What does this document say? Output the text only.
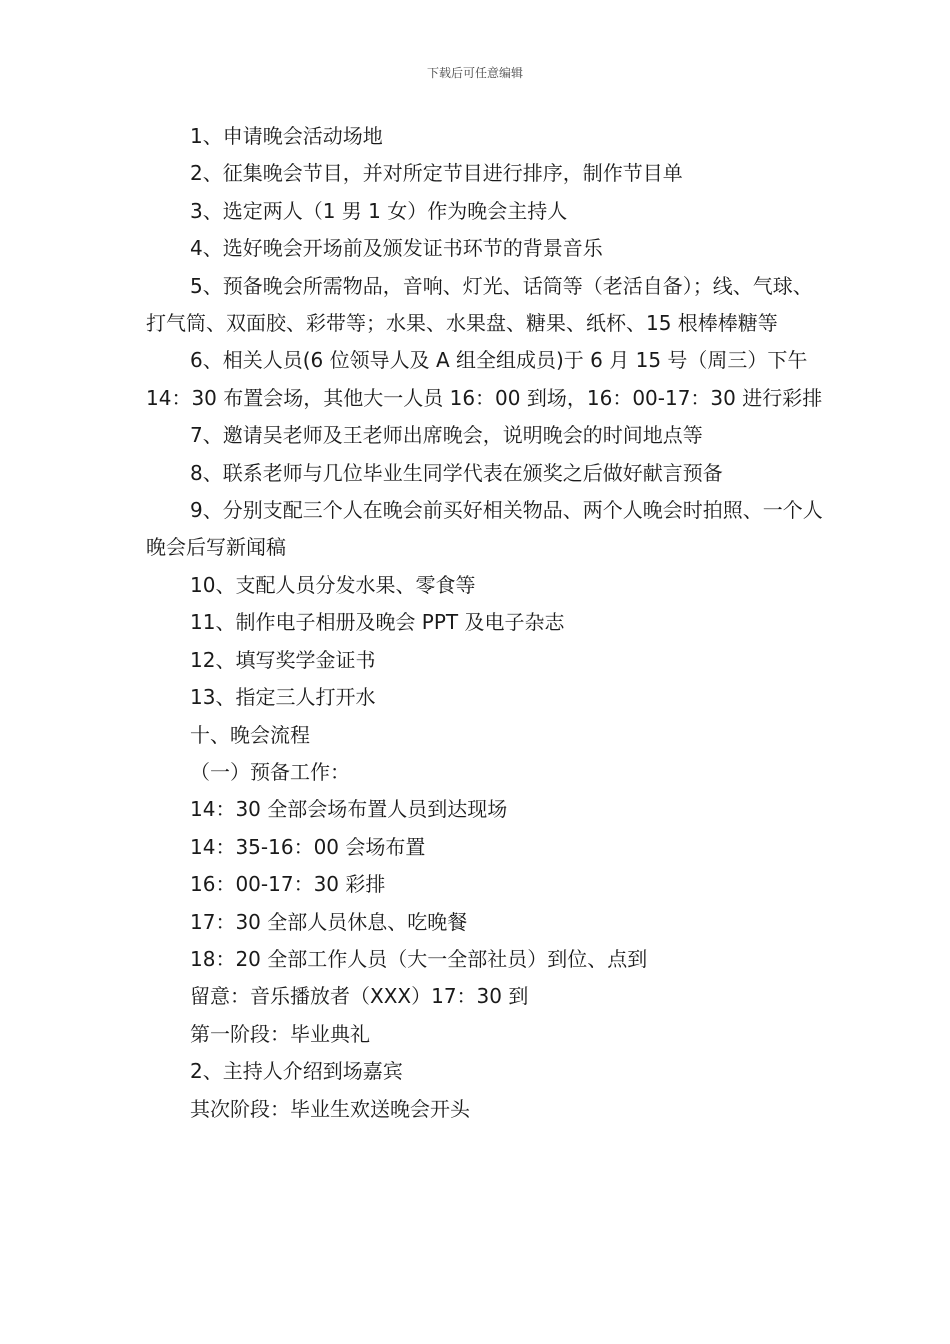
下载后可任意编辑

1、申请晚会活动场地

2、征集晚会节目，并对所定节目进行排序，制作节目单

3、选定两人（1 男 1 女）作为晚会主持人

4、选好晚会开场前及颁发证书环节的背景音乐

5、预备晚会所需物品，音响、灯光、话筒等（老活自备）；线、气球、打气筒、双面胶、彩带等；水果、水果盘、糖果、纸杯、15 根棒棒糖等

6、相关人员(6 位领导人及 A 组全组成员)于 6 月 15 号（周三）下午 14：30 布置会场，其他大一人员 16：00 到场，16：00-17：30 进行彩排

7、邀请吴老师及王老师出席晚会，说明晚会的时间地点等

8、联系老师与几位毕业生同学代表在颁奖之后做好献言预备

9、分别支配三个人在晚会前买好相关物品、两个人晚会时拍照、一个人晚会后写新闻稿

10、支配人员分发水果、零食等

11、制作电子相册及晚会 PPT 及电子杂志

12、填写奖学金证书

13、指定三人打开水

十、晚会流程

（一）预备工作：

14：30 全部会场布置人员到达现场

14：35-16：00 会场布置

16：00-17：30 彩排

17：30 全部人员休息、吃晚餐

18：20 全部工作人员（大一全部社员）到位、点到

留意：音乐播放者（XXX）17：30 到

第一阶段：毕业典礼

2、主持人介绍到场嘉宾

其次阶段：毕业生欢送晚会开头
